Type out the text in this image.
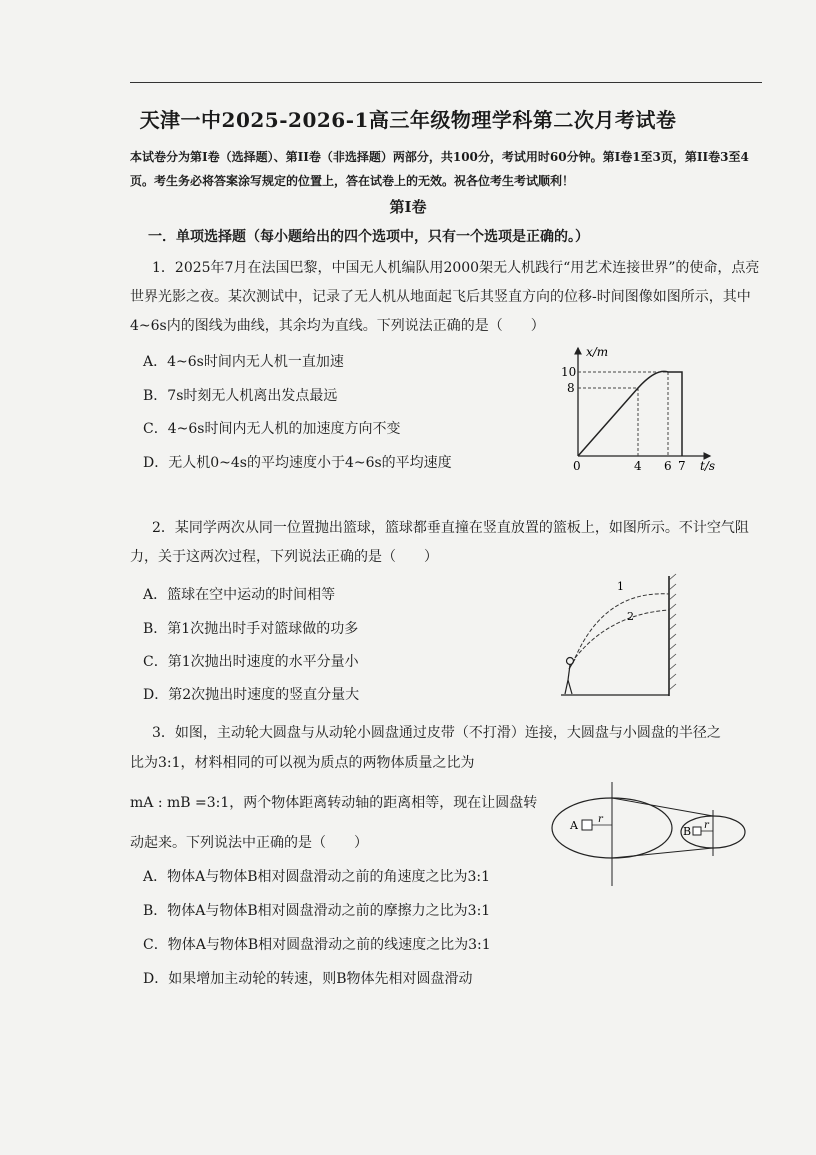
天津一中2025-2026-1高三年级物理学科第二次月考试卷
本试卷分为第I卷（选择题）、第II卷（非选择题）两部分，共100分，考试用时60分钟。第I卷1至3页，第II卷3至4页。考生务必将答案涂写规定的位置上，答在试卷上的无效。祝各位考生考试顺利！
第I卷
一．单项选择题（每小题给出的四个选项中，只有一个选项是正确的。）
1．2025年7月在法国巴黎，中国无人机编队用2000架无人机践行“用艺术连接世界”的使命，点亮世界光影之夜。某次测试中，记录了无人机从地面起飞后其竖直方向的位移-时间图像如图所示，其中4~6s内的图线为曲线，其余均为直线。下列说法正确的是（　　）
A．4~6s时间内无人机一直加速
B．7s时刻无人机离出发点最远
C．4~6s时间内无人机的加速度方向不变
D．无人机0~4s的平均速度小于4~6s的平均速度
x/m
t/s
0	4 6 7
8
10
2．某同学两次从同一位置抛出篮球，篮球都垂直撞在竖直放置的篮板上，如图所示。不计空气阻力，关于这两次过程，下列说法正确的是（　　）
A．篮球在空中运动的时间相等
B．第1次抛出时手对篮球做的功多
C．第1次抛出时速度的水平分量小
D．第2次抛出时速度的竖直分量大
1
2
3．如图，主动轮大圆盘与从动轮小圆盘通过皮带（不打滑）连接，大圆盘与小圆盘的半径之
比为3:1，材料相同的可以视为质点的两物体质量之比为
mA : mB =3:1，两个物体距离转动轴的距离相等，现在让圆盘转
动起来。下列说法中正确的是（　　）
A．物体A与物体B相对圆盘滑动之前的角速度之比为3:1
B．物体A与物体B相对圆盘滑动之前的摩擦力之比为3:1
C．物体A与物体B相对圆盘滑动之前的线速度之比为3:1
D．如果增加主动轮的转速，则B物体先相对圆盘滑动
A r
B r
